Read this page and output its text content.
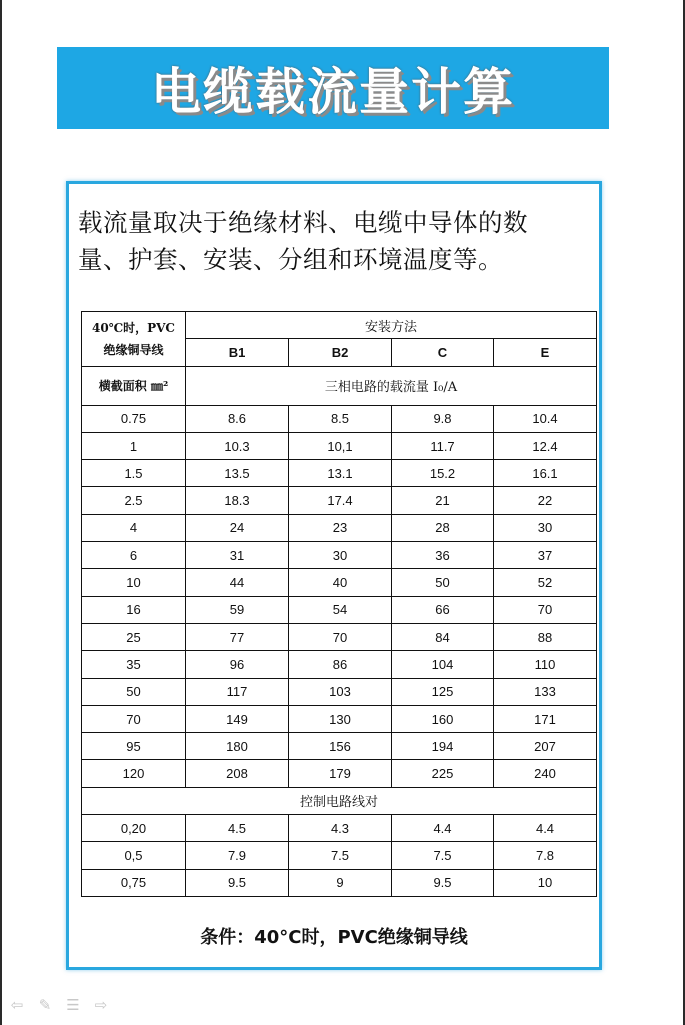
电缆载流量计算
载流量取决于绝缘材料、电缆中导体的数
量、护套、安装、分组和环境温度等。
40℃时，PVC
绝缘铜导线	安装方法			
	B1	B2	C	E
横截面积 ㎜²	三相电路的载流量 I₀/A			
0.75	8.6	8.5	9.8	10.4
1	10.3	10,1	11.7	12.4
1.5	13.5	13.1	15.2	16.1
2.5	18.3	17.4	21	22
4	24	23	28	30
6	31	30	36	37
10	44	40	50	52
16	59	54	66	70
25	77	70	84	88
35	96	86	104	110
50	117	103	125	133
70	149	130	160	171
95	180	156	194	207
120	208	179	225	240
控制电路线对				
0,20	4.5	4.3	4.4	4.4
0,5	7.9	7.5	7.5	7.8
0,75	9.5	9	9.5	10
条件：40°C时，PVC绝缘铜导线
⇦ ✎ ☰ ⇨
